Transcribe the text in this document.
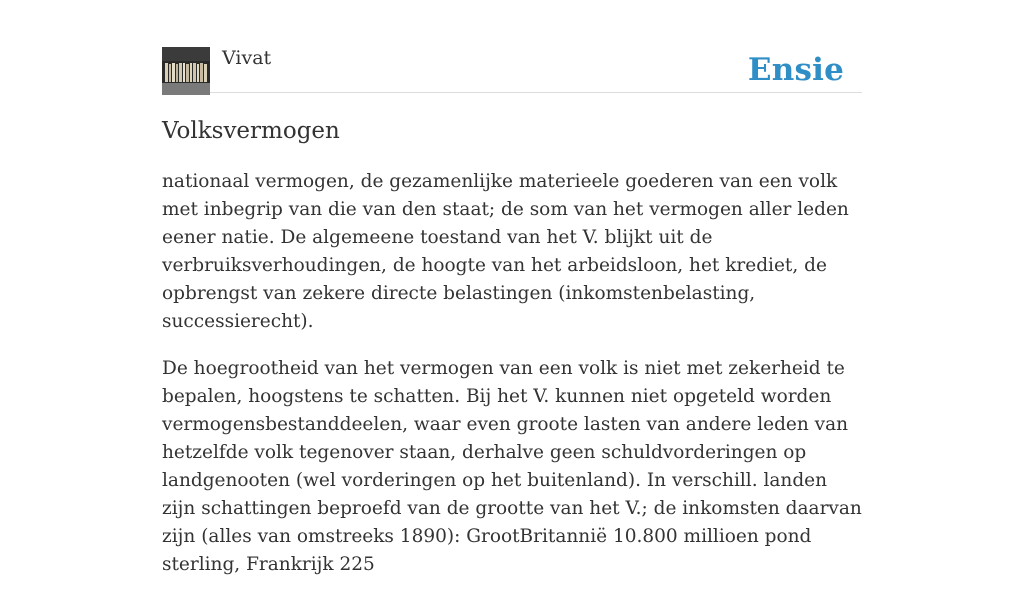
Vivat	Ensie
Volksvermogen

nationaal vermogen, de gezamenlijke materieele goederen van een volk met inbegrip van die van den staat; de som van het vermogen aller leden eener natie. De algemeene toestand van het V. blijkt uit de verbruiksverhoudingen, de hoogte van het arbeidsloon, het krediet, de opbrengst van zekere directe belastingen (inkomstenbelasting, successierecht).

De hoegrootheid van het vermogen van een volk is niet met zekerheid te bepalen, hoogstens te schatten. Bij het V. kunnen niet opgeteld worden vermogensbestanddeelen, waar even groote lasten van andere leden van hetzelfde volk tegenover staan, derhalve geen schuldvorderingen op landgenooten (wel vorderingen op het buitenland). In verschill. landen zijn schattingen beproefd van de grootte van het V.; de inkomsten daarvan zijn (alles van omstreeks 1890): GrootBritannië 10.800 millioen pond sterling, Frankrijk 225
